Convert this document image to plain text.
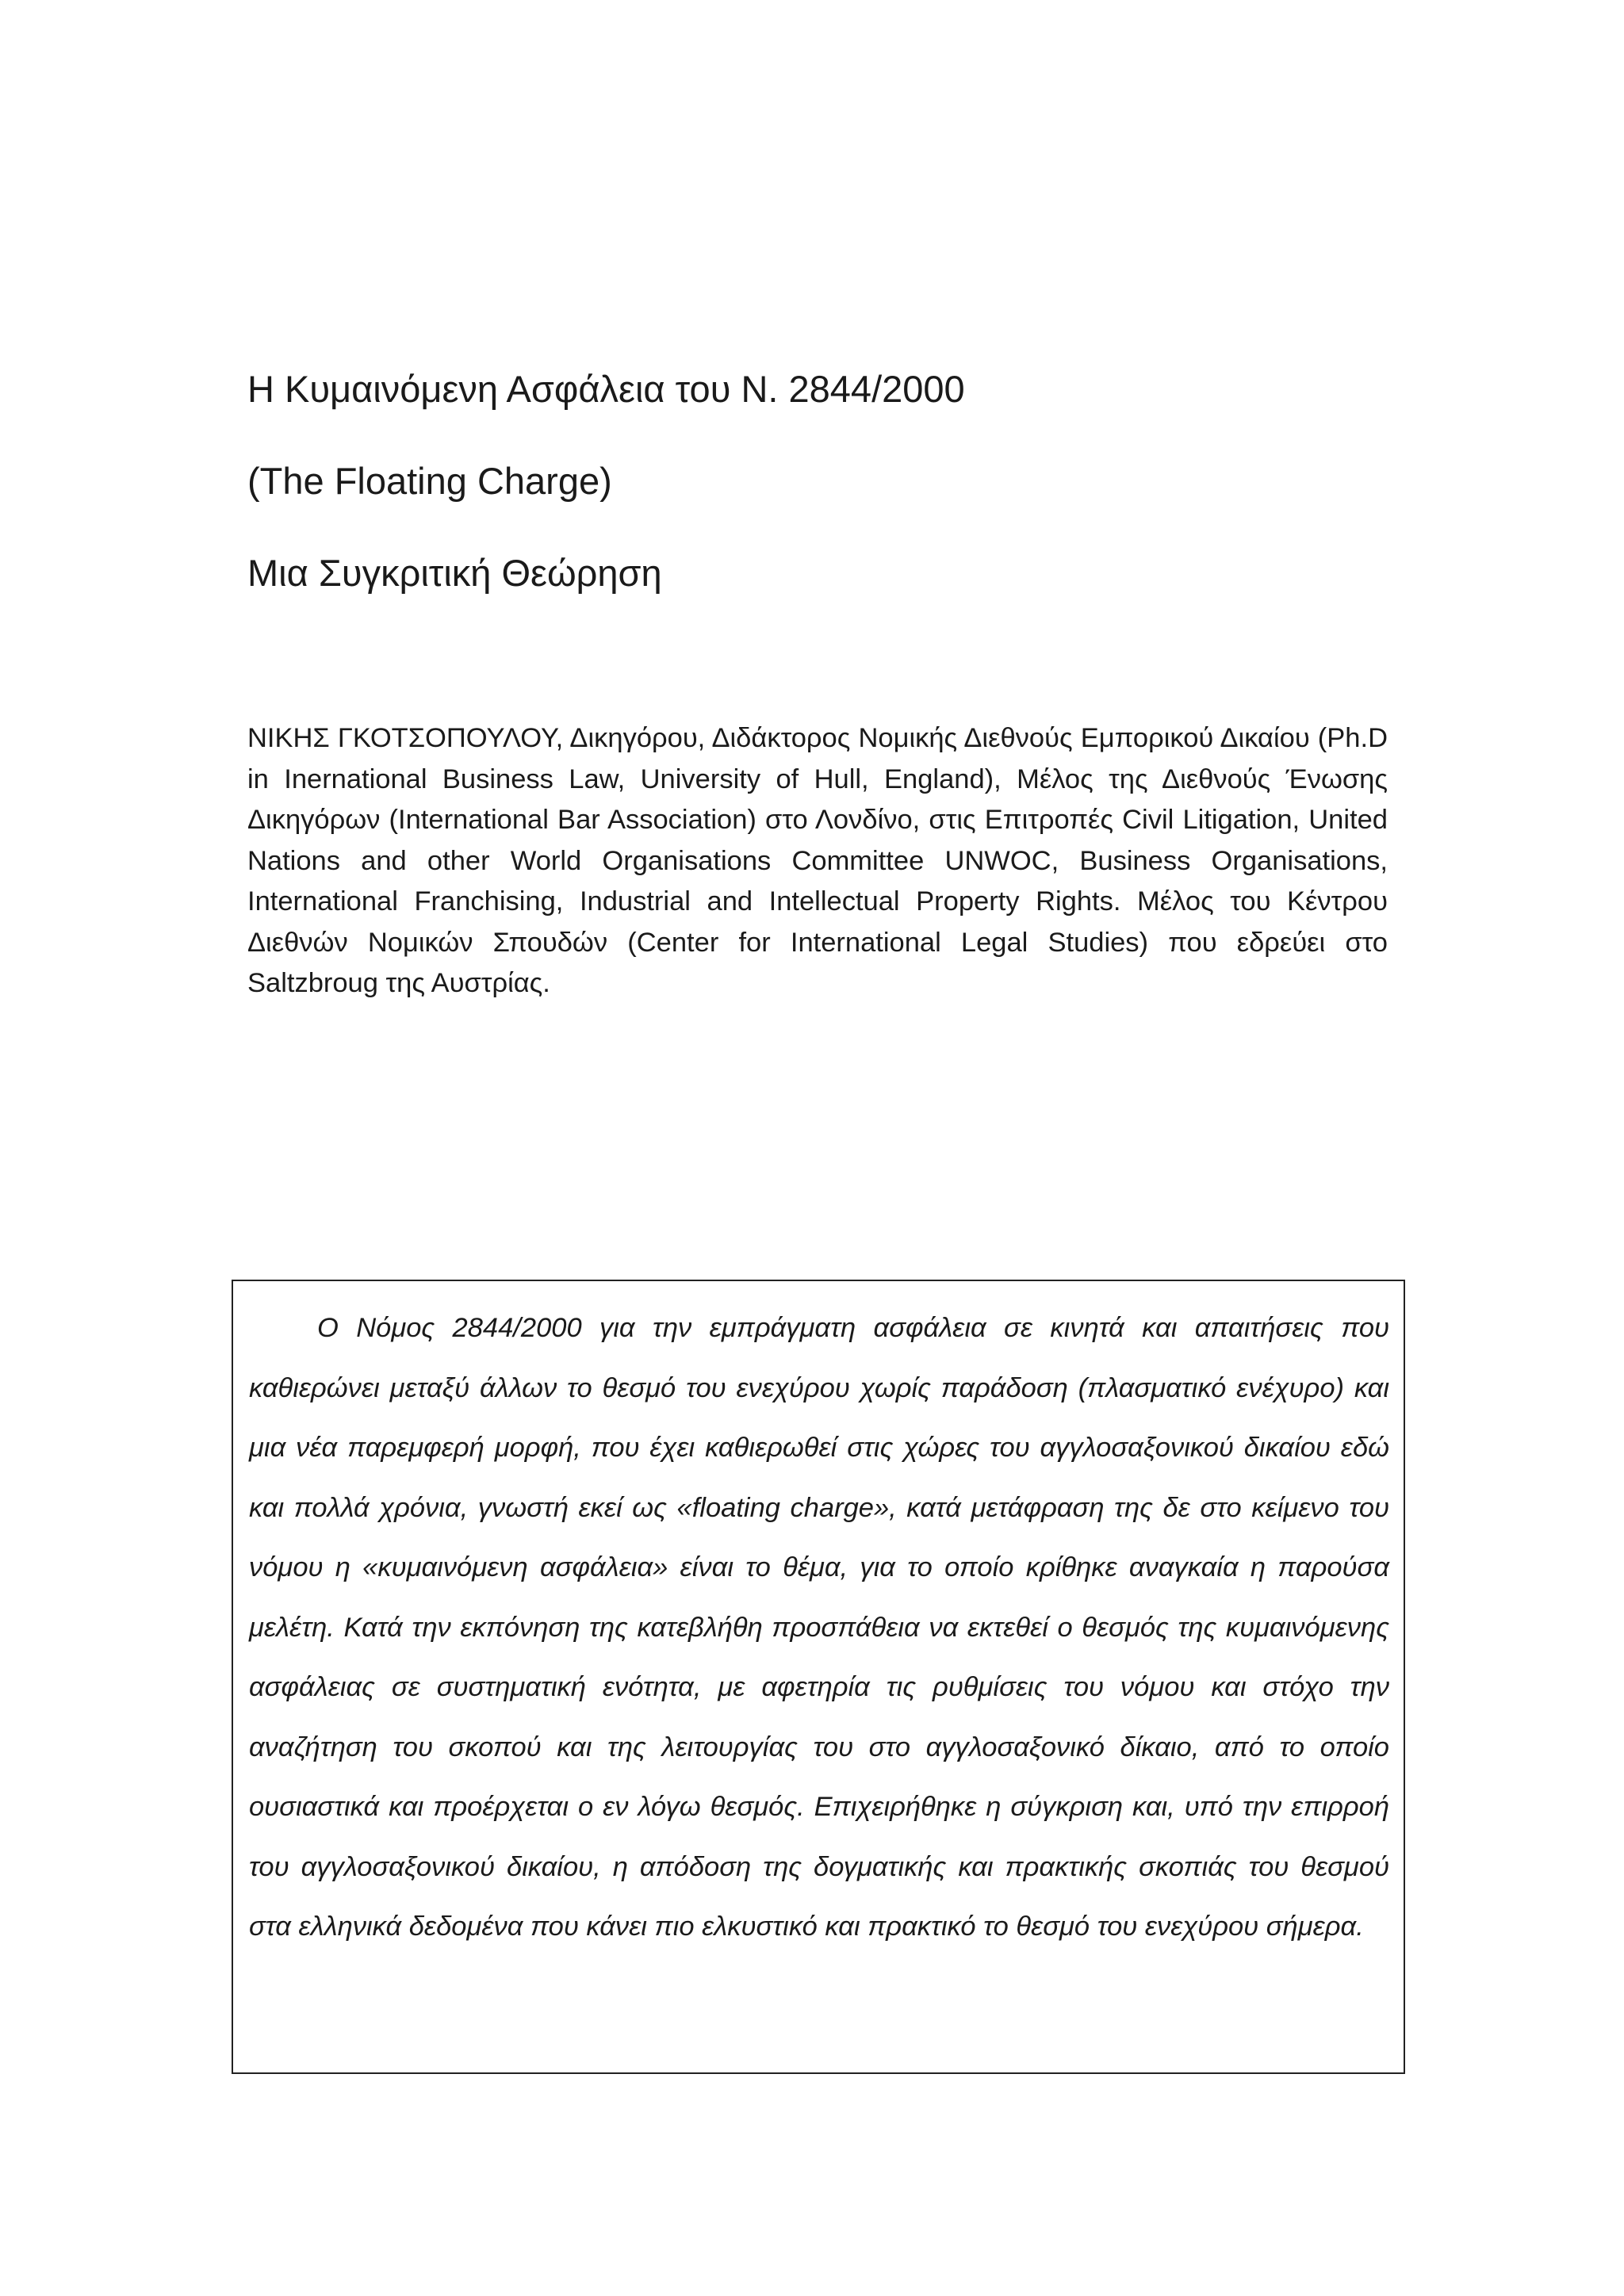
Η Κυμαινόμενη Ασφάλεια του Ν. 2844/2000
(The Floating Charge)
Μια Συγκριτική Θεώρηση
ΝΙΚΗΣ ΓΚΟΤΣΟΠΟΥΛΟΥ, Δικηγόρου, Διδάκτορος Νομικής Διεθνούς Εμπορικού Δικαίου (Ph.D in Inernational Business Law, University of Hull, England), Μέλος της Διεθνούς Ένωσης Δικηγόρων (International Bar Association) στο Λονδίνο, στις Επιτροπές Civil Litigation, United Nations and other World Organisations Committee UNWOC, Business Organisations, International Franchising, Industrial and Intellectual Property Rights. Μέλος του Κέντρου Διεθνών Νομικών Σπουδών (Center for International Legal Studies) που εδρεύει στο Saltzbroug της Αυστρίας.
Ο Νόμος 2844/2000 για την εμπράγματη ασφάλεια σε κινητά και απαιτήσεις που καθιερώνει μεταξύ άλλων το θεσμό του ενεχύρου χωρίς παράδοση (πλασματικό ενέχυρο) και μια νέα παρεμφερή μορφή, που έχει καθιερωθεί στις χώρες του αγγλοσαξονικού δικαίου εδώ και πολλά χρόνια, γνωστή εκεί ως «floating charge», κατά μετάφραση της δε στο κείμενο του νόμου η «κυμαινόμενη ασφάλεια» είναι το θέμα, για το οποίο κρίθηκε αναγκαία η παρούσα μελέτη. Κατά την εκπόνηση της κατεβλήθη προσπάθεια να εκτεθεί ο θεσμός της κυμαινόμενης ασφάλειας σε συστηματική ενότητα, με αφετηρία τις ρυθμίσεις του νόμου και στόχο την αναζήτηση του σκοπού και της λειτουργίας του στο αγγλοσαξονικό δίκαιο, από το οποίο ουσιαστικά και προέρχεται ο εν λόγω θεσμός. Επιχειρήθηκε η σύγκριση και, υπό την επιρροή του αγγλοσαξονικού δικαίου, η απόδοση της δογματικής και πρακτικής σκοπιάς του θεσμού στα ελληνικά δεδομένα που κάνει πιο ελκυστικό και πρακτικό το θεσμό του ενεχύρου σήμερα.
